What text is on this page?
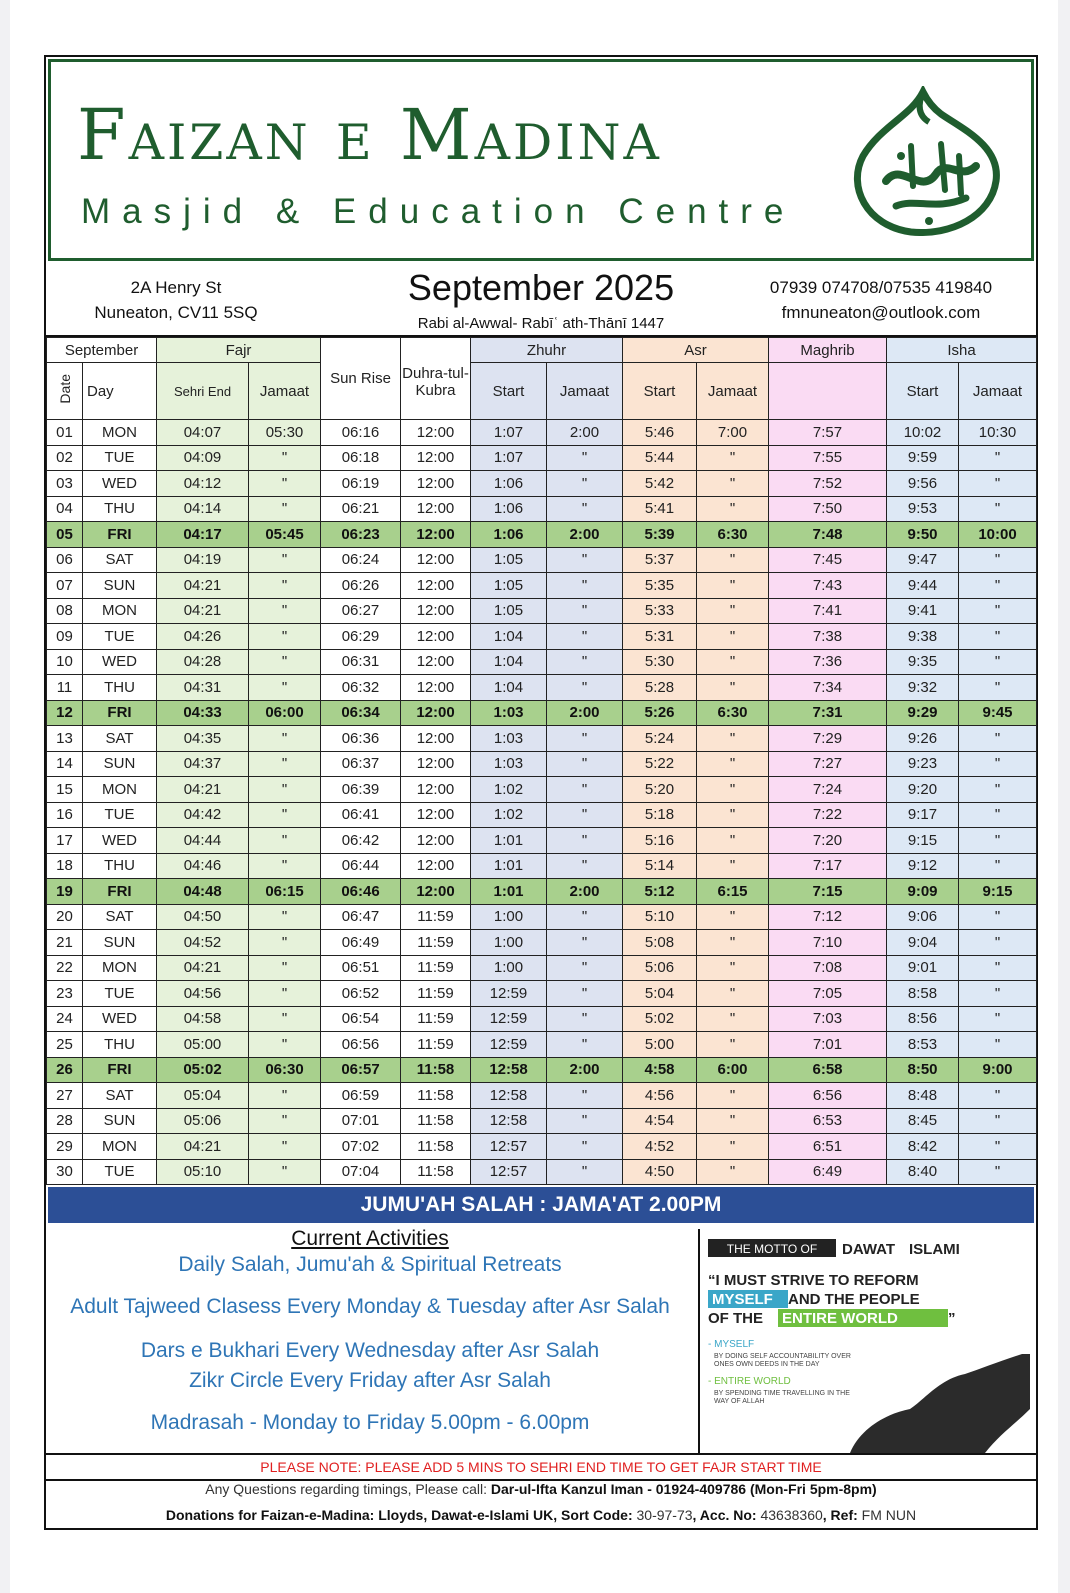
Faizan e Madina
Masjid & Education Centre
2A Henry St
Nuneaton, CV11 5SQ
September 2025
Rabi al-Awwal- Rabīʿ ath-Thānī 1447
07939 074708/07535 419840
fmnuneaton@outlook.com
September		Fajr		Sun Rise	Duhra-tul-Kubra	Zhuhr		Asr		Maghrib	Isha	
Date	Day	Sehri End	Jamaat			Start	Jamaat	Start	Jamaat		Start	Jamaat
01	MON	04:07	05:30	06:16	12:00	1:07	2:00	5:46	7:00	7:57	10:02	10:30
02	TUE	04:09	"	06:18	12:00	1:07	"	5:44	"	7:55	9:59	"
03	WED	04:12	"	06:19	12:00	1:06	"	5:42	"	7:52	9:56	"
04	THU	04:14	"	06:21	12:00	1:06	"	5:41	"	7:50	9:53	"
05	FRI	04:17	05:45	06:23	12:00	1:06	2:00	5:39	6:30	7:48	9:50	10:00
06	SAT	04:19	"	06:24	12:00	1:05	"	5:37	"	7:45	9:47	"
07	SUN	04:21	"	06:26	12:00	1:05	"	5:35	"	7:43	9:44	"
08	MON	04:21	"	06:27	12:00	1:05	"	5:33	"	7:41	9:41	"
09	TUE	04:26	"	06:29	12:00	1:04	"	5:31	"	7:38	9:38	"
10	WED	04:28	"	06:31	12:00	1:04	"	5:30	"	7:36	9:35	"
11	THU	04:31	"	06:32	12:00	1:04	"	5:28	"	7:34	9:32	"
12	FRI	04:33	06:00	06:34	12:00	1:03	2:00	5:26	6:30	7:31	9:29	9:45
13	SAT	04:35	"	06:36	12:00	1:03	"	5:24	"	7:29	9:26	"
14	SUN	04:37	"	06:37	12:00	1:03	"	5:22	"	7:27	9:23	"
15	MON	04:21	"	06:39	12:00	1:02	"	5:20	"	7:24	9:20	"
16	TUE	04:42	"	06:41	12:00	1:02	"	5:18	"	7:22	9:17	"
17	WED	04:44	"	06:42	12:00	1:01	"	5:16	"	7:20	9:15	"
18	THU	04:46	"	06:44	12:00	1:01	"	5:14	"	7:17	9:12	"
19	FRI	04:48	06:15	06:46	12:00	1:01	2:00	5:12	6:15	7:15	9:09	9:15
20	SAT	04:50	"	06:47	11:59	1:00	"	5:10	"	7:12	9:06	"
21	SUN	04:52	"	06:49	11:59	1:00	"	5:08	"	7:10	9:04	"
22	MON	04:21	"	06:51	11:59	1:00	"	5:06	"	7:08	9:01	"
23	TUE	04:56	"	06:52	11:59	12:59	"	5:04	"	7:05	8:58	"
24	WED	04:58	"	06:54	11:59	12:59	"	5:02	"	7:03	8:56	"
25	THU	05:00	"	06:56	11:59	12:59	"	5:00	"	7:01	8:53	"
26	FRI	05:02	06:30	06:57	11:58	12:58	2:00	4:58	6:00	6:58	8:50	9:00
27	SAT	05:04	"	06:59	11:58	12:58	"	4:56	"	6:56	8:48	"
28	SUN	05:06	"	07:01	11:58	12:58	"	4:54	"	6:53	8:45	"
29	MON	04:21	"	07:02	11:58	12:57	"	4:52	"	6:51	8:42	"
30	TUE	05:10	"	07:04	11:58	12:57	"	4:50	"	6:49	8:40	"
JUMU'AH SALAH : JAMA'AT 2.00PM
Current Activities
Daily Salah, Jumu'ah & Spiritual Retreats
Adult Tajweed Clasess Every Monday & Tuesday after Asr Salah
Dars e Bukhari Every Wednesday after Asr Salah
Zikr Circle Every Friday after Asr Salah
Madrasah - Monday to Friday 5.00pm - 6.00pm
THE MOTTO OF DAWAT ISLAMI
“I MUST STRIVE TO REFORM
MYSELF AND THE PEOPLE
OF THE ENTIRE WORLD	”
- MYSELF
BY DOING SELF ACCOUNTABILITY OVER
ONES OWN DEEDS IN THE DAY
- ENTIRE WORLD
BY SPENDING TIME TRAVELLING IN THE
WAY OF ALLAH
PLEASE NOTE: PLEASE ADD 5 MINS TO SEHRI END TIME TO GET FAJR START TIME
Any Questions regarding timings, Please call: Dar-ul-Ifta Kanzul Iman - 01924-409786 (Mon-Fri 5pm-8pm)
Donations for Faizan-e-Madina: Lloyds, Dawat-e-Islami UK, Sort Code: 30-97-73, Acc. No: 43638360, Ref: FM NUN
